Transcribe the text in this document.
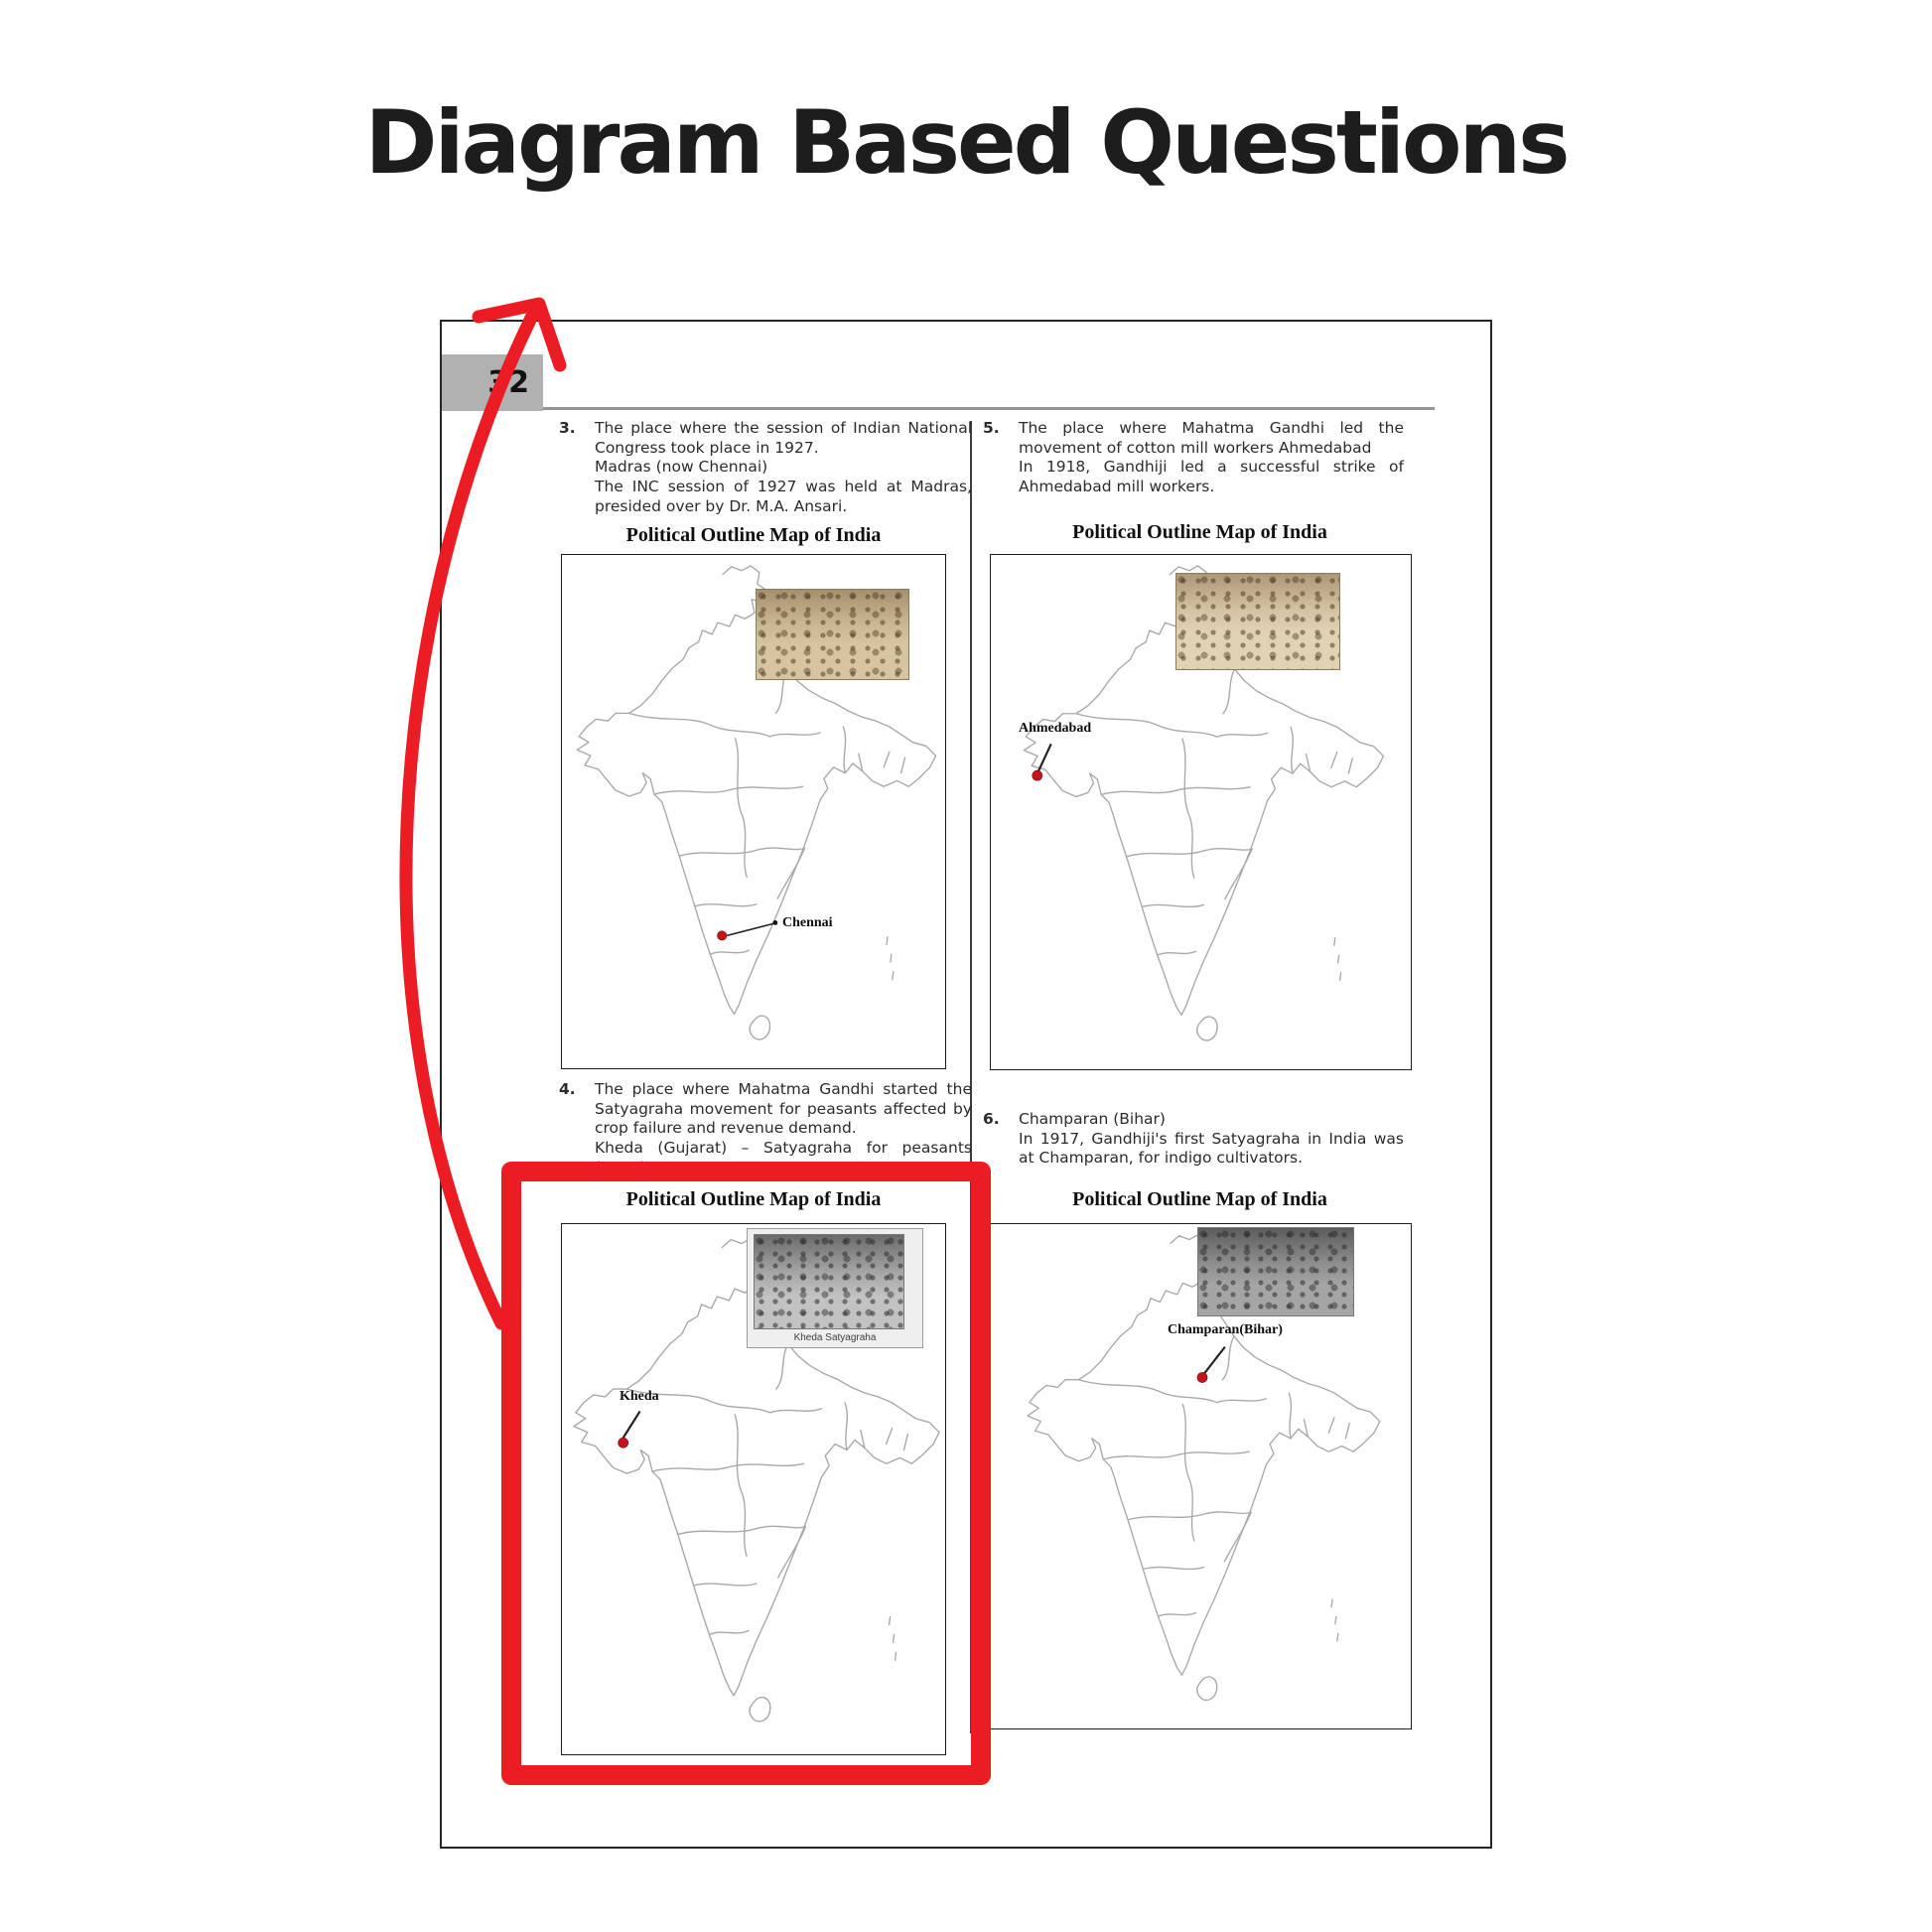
Diagram Based Questions
32
3.	The place where the session of Indian National Congress took place in 1927.

Madras (now Chennai)

The INC session of 1927 was held at Madras, presided over by Dr. M.A. Ansari.

5.	The place where Mahatma Gandhi led the movement of cotton mill workers Ahmedabad

In 1918, Gandhiji led a successful strike of Ahmedabad mill workers.

Political Outline Map of India
Chennai
Political Outline Map of India
Ahmedabad
4.	The place where Mahatma Gandhi started the Satyagraha movement for peasants affected by crop failure and revenue demand.

Kheda (Gujarat) – Satyagraha for peasants (1918)

6.	Champaran (Bihar)

In 1917, Gandhiji's first Satyagraha in India was at Champaran, for indigo cultivators.

Political Outline Map of India
Kheda Satyagraha
Kheda
Political Outline Map of India
Champaran(Bihar)
